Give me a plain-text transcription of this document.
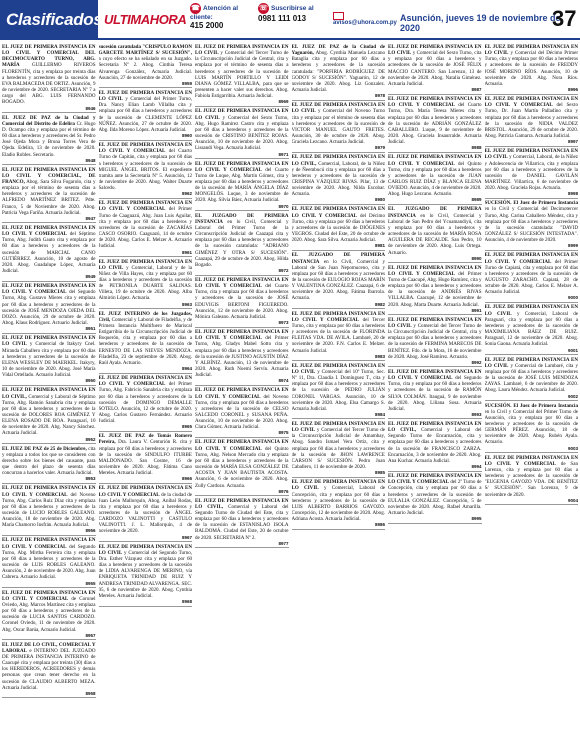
Clasificados ULTIMAHORA
☎ Atención al cliente:
415 2000
☏ Suscribirse al
0981 111 013	avisos@uhora.com.py Asunción, jueves 19 de noviembre de 2020	37
EL JUEZ DE PRIMERA INSTANCIA EN LO CIVIL Y COMERCIAL DEL DECIMOCUARTO TURNO, ABG. MARÍA GUILLERMO RIVEROS FLORENTÍN, cita y emplaza por treinta días a herederos y acreedores de la sucesión de EVA BALMACEDA DE ORTIZ. Asunción, 9 de noviembre de 2020. SECRETARIA Nº 7 a cargo del ABG. LUIS FERNANDO BOGADO.
8946
EL JUEZ DE PAZ de la Ciudad y Comercial del Distrito de Edelira Cr. Hugo D. Ocampo cita y emplaza por el término de 60 días a herederos y acreedores del Sr. Pedro José Ojeda Mora y Bruna Torres Vera de Ojeda. Edelira, 13 de noviembre de 2020. Eladio Robles. Secretario.
8948
EL JUEZ DE PRIMERA INSTANCIA EN LO CIVIL Y COMERCIAL, DE FRANCO, Abog. Sara Silva Fogarolo, cita y emplaza por el término de sesenta días a herederos y acreedores de la sucesión de ALFREDO MARTÍNEZ BRITEZ. Pdte. Franco, 5 de Noviembre de 2020. Abog. Patricia Vega Fariña. Actuaria Judicial.
8947
EL JUEZ DE PRIMERA INSTANCIA EN LO CIVIL Y COMERCIAL del Séptimo Turno, Abg. Judith Gauto cita y emplaza por 60 días a herederos y acreedores de la sucesión de MARCIAL CANO GUTIÉRREZ. Asunción, 10 de agosto de 2020. Abog. Guadalupe López, Actuaria Judicial.
8949
EL JUEZ DE PRIMERA INSTANCIA EN LO CIVIL Y COMERCIAL del Segundo Turno, Abg. Gustavo Mieres cita y emplaza por 60 días a herederos y acreedores de la sucesión de JOSÉ MENDOZA OJEDA DEL DOZO. Asunción, 29 de octubre de 2020. Abog. Klaus Rodríguez. Actuario Judicial.
8951
EL JUEZ DE PRIMERA INSTANCIA EN LO CIVIL y Comercial de Itakyry Cnel. Miranda Caballero cita y emplaza por 60 días a herederos y acreedores de la sucesión de ELENA WESSLEY DE MAERKEL. Itakyry, 10 de noviembre de 2020. Abog. José María Vidal Ortellado. Actuario Judicial.
8950
EL JUEZ DE PRIMERA INSTANCIA EN LO CIVIL, Comercial y Laboral de Séptimo Turno, Abg. Ramón Sanabria cita y emplaza por 60 días a herederos y acreedores de la sucesión de DOLORES ROA GIMÉNEZ Y ELENA ROSADO DE ROA. Paraguarí, 10 de noviembre de 2020. Abg. Nancy Sánchez. Actuaria Judicial.
8952
EL JUEZ DE PAZ de 25 de Diciembre, cita y emplaza a todos los que se consideren con derecho sobre los bienes del causante, para que dentro del plazo de sesenta días concurran a hacerlos valer. Actuaria Judicial.
8953
EL JUEZ DE PRIMERA INSTANCIA EN LO CIVIL Y COMERCIAL del Noveno Turno, Abg. Carlos Ruiz Díaz cita y emplaza por 60 días a herederos y acreedores de la sucesión de LUCIO ROBLES GALEANO. Asunción, 18 de noviembre de 2020. Abg. María Chamorro Insfrán. Actuaria Judicial.
8956
EL JUEZ DE PRIMERA INSTANCIA EN LO CIVIL Y COMERCIAL del Segundo Turno, Abg. Mirtha Ferreira cita y emplaza por 60 días a herederos y acreedores de la sucesión de LUIS ROBLES GALEANO. Asunción, 2 de noviembre de 2020. Abg. Juan Cabrera. Actuario Judicial.
8955
EL JUEZ DE PRIMERA INSTANCIA EN LO CIVIL Y COMERCIAL de Coronel Oviedo, Abg. Marcos Martínez cita y emplaza por 60 días a herederos y acreedores de la sucesión de LUCIA SANTOS CARDOZO. Coronel Oviedo, 11 de noviembre de 2020. Abg. Oscar Barúa, Actuario Judicial.
8957
EL JUEZ DE LO CIVIL, COMERCIAL Y LABORAL e INTERINO DEL JUZGADO DE PRIMERA INSTANCIA INTERINO de Caacupé cita y emplaza por treinta (30) días a los HEREDEROS, ACREEDORES y demás personas que crean tener derecho en la sucesión de CLAUDIO ALBERTO MEZA. Actuaria Judicial.
8958
sucesión caratulada "CRISPULO RAMÓN GARCETE MARTÍNEZ S/ SUCESIÓN", a cuyo efecto se ha señalado en su Juzgado. Secretaría Nº 2. Abog. Cinthia Teresa Alvarenga González, Actuaria Judicial. Asunción, 27 de noviembre de 2020.
8959
EL JUEZ DE PRIMERA INSTANCIA EN LO CIVIL y Comercial del Primer Turno, Dra. Nancy Elian Lamb Villalba cita y emplaza por 60 días a herederos y acreedores de la sucesión de CLEMENTE LÓPEZ NÚÑEZ. Asunción, 27 de octubre de 2020. Abg. Ilda Moreno López. Actuaria Judicial.
8960
EL JUEZ DE PRIMERA INSTANCIA EN LO CIVIL Y COMERCIAL del Cuarto Turno de Capitán, cita y emplaza por 60 días a herederos y acreedores de la sucesión de MIGUEL ÁNGEL BRITOS. El expediente tramita ante la Secretaría Nº 5. Asunción, 12 de noviembre de 2020. Abog. Walter Duarte Salcedo.
8962
EL JUEZ DE PRIMERA INSTANCIA EN LO CIVIL Y COMERCIAL del Primer Turno de Caaguazú, Abg. Juan Luis Aguilar, cita y emplaza por 60 días a herederos y acreedores de la sucesión de ZACARÍAS CASCO OSORIO. Caaguazú, 14 de octubre de 2020. Abog. Carlos E. Melzer A. Actuario Judicial.
8961
EL JUEZ DE PRIMERA INSTANCIA EN LO CIVIL y Comercial, Laboral y de la Niñez de Villa Hayes, cita y emplaza por 60 días a herederos y acreedores de la sucesión de PETRONILA DUARTE SALINAS. Villeta, 19 de octubre de 2020. Abog. Alba Almirón López. Actuaria.
8963
EL JUEZ INTERINO de los Juzgados, Civil, Comercial y Laboral de Filadelfia, y de Primera Instancia Multifuero de Mariscal Estigarribia de la Circunscripción Judicial de Boquerón, cita y emplaza por 60 días a herederos y acreedores de la sucesión de ERNESTO DE LAS NIEVES MENDOZA. Filadelfia, 23 de septiembre de 2020. Abog. Raúl Ayala. Actuario.
8964
EL JUEZ DE PRIMERA INSTANCIA EN LO CIVIL Y COMERCIAL del Primer Turno, Abg. Fabricio Sanabria cita y emplaza por 60 días a herederos y acreedores de la sucesión de DOMINGO DEMALLE SOTELO. Asunción, 12 de octubre de 2020. Abog. Carlos Gustavo Fernández. Actuario Judicial.
8965
EL JUEZ DE PAZ de Tomás Romero Pereira, Dra. Laura V. Centurión R. cita y emplaza por 60 días a herederos y acreedores de la sucesión de SINDULFO ITURBE MALDONADO. San Cosme, 16 de noviembre de 2020. Abog. Fátima Cano Mereles. Actuaria Judicial.
8966
EL JUEZ DE PRIMERA INSTANCIA EN LO CIVIL Y COMERCIAL de la ciudad de Juan León Mallorquín, Abog. Aníbal Rodas, cita y emplaza por 60 días a herederos y acreedores de la sucesión de ÁNGEL CARDOZO VALINOTTI y CASTULO VALINOTTI. J. L. Mallorquín, 4 de noviembre de 2020.
8967
EL JUEZ DE PRIMERA INSTANCIA EN LO CIVIL y Comercial del Segundo Turno, Dra. Esther Vázquez cita y emplaza por 60 días a herederos y acreedores de la sucesión de LIDIA ALVARENGA DE MERINO, vía ENRIQUETA TRINIDAD DE RUIZ Y ANDRESA TRINIDAD ALVARENGA. SEC. 05, 6 de noviembre de 2020. Abog. Cynthia Mereles. Actuaria Judicial.
8968
EL JUEZ DE PRIMERA INSTANCIA EN LO CIVIL y Comercial del Tercer Turno de la Circunscripción Judicial de Central, cita y emplaza por el término de sesenta días a herederos y acreedores de la sucesión de LUIS MARTÍN PORTILLO Y LEIDI DIANA GÓMEZ VILLALBA, para que se presenten a hacer valer sus derechos. Abog. Fabiola Estigarribia. Actuaria Judicial.
8969
EL JUEZ DE PRIMERA INSTANCIA EN LO CIVIL y Comercial del Sexto Turno, Abg. Hugo Ramírez Castro cita y emplaza por 60 días a herederos y acreedores de la sucesión de CRISTINO BENÍTEZ ROJAS. Asunción, 10 de noviembre de 2020. Abog. Lissandi Vega. Actuaria Judicial.
8971
EL JUEZ DE PRIMERA INSTANCIA EN LO CIVIL Y COMERCIAL del Cuarto Turno de Luque, Abg. Martín Gómez, cita y emplaza por 60 días a herederos y acreedores de la sucesión de MARÍA ÁNGELA DÍAZ MONGELÓS. Luque, 3 de noviembre de 2020. Abg. Silvia Báez, Actuaria Judicial.
8970
EL JUZGADO DE PRIMERA INSTANCIA en lo Civil, Comercial y Laboral del Primer Turno de la Circunscripción Judicial de Caazapá cita y emplaza por 60 días a herederos y acreedores de la sucesión caratulada: "ADRIANO GIMÉNEZ Y OTRA S/ SUCESIÓN". Caazapá, 29 de octubre de 2020. Abog. Hilda Bogado.
8972
EL JUEZ DE PRIMERA INSTANCIA EN LO CIVIL Y COMERCIAL del Cuarto Turno, cita y emplaza por 60 días a herederos y acreedores de la sucesión de JOSÉ EDUVIGIS BERTONI FIGUEREDO. Asunción, 12 de noviembre de 2020. Abog. Mónica Galeano. Actuaria Judicial.
8973
EL JUEZ DE PRIMERA INSTANCIA EN LO CIVIL Y COMERCIAL del Primer Turno, Abg. Gladys Mabel Sotto cita y emplaza por 60 días a herederos y acreedores de la sucesión de JUSTINO AGUSTÍN DÍAZ Y ALBÍNIZ. Asunción, 13 de noviembre de 2020. Abog. Ruth Noemí Servín. Actuaria Judicial.
8974
EL JUEZ DE PRIMERA INSTANCIA EN LO CIVIL Y COMERCIAL del Noveno Turno, cita y emplaza por 60 días a herederos y acreedores de la sucesión de CELSO SALCEDO CORONEL y SUSANA PEÑA. Asunción, 10 de noviembre de 2020. Abog. Clara Gómez. Actuaria Judicial.
8975
EL JUEZ DE PRIMERA INSTANCIA EN LO CIVIL Y COMERCIAL del Quinto Turno, Abg. Nelson Mercado cita y emplaza por 60 días a herederos y acreedores de la sucesión de MARÍA ELSA GONZÁLEZ DE ACOSTA Y JUAN BAUTISTA ACOSTA. Asunción, 6 de noviembre de 2020. Abog. Zully Cardozo. Actuaria.
8976
EL JUEZ DE PRIMERA INSTANCIA EN LO CIVIL, Comercial y Laboral del Segundo Turno de Ciudad del Este, cita y emplaza por 60 días a herederos y acreedores de la sucesión de ESTANISLAO ISOLA BALDOMÁ. Ciudad del Este, 20 de octubre de 2020. SECRETARIA Nº 2.
8977
EL JUEZ DE PAZ de la Ciudad de Yaguarón, Abog. Cynthia Manuela Lezcano Bataglia cita y emplaza por 60 días a herederos y acreedores de la sucesión caratulada: "PORFIRIA RODRÍGUEZ DE GODOY S/ SUCESIÓN". Yaguarón, 12 de noviembre de 2020. Abog. Liz Gonzalez. Actuaria Judicial.
8978
EL JUEZ DE PRIMERA INSTANCIA EN LO CIVIL y Comercial del Noveno Turno cita y emplaza por el término de sesenta días a herederos y acreedores de la sucesión de VICTOR MANUEL GAUTO FRETES. Asunción, 30 de octubre de 2020. Abog. Graciela Lezcano. Actuaria Judicial.
8979
EL JUEZ DE PRIMERA INSTANCIA EN LO CIVIL, Comercial, Laboral, de la Niñez y de Ñeembucú cita y emplaza por 60 días a herederos y acreedores de la sucesión de CRISPINA VÁZQUEZ RIVAS. Pilar, 13 de noviembre de 2020. Abog. Nilda Escobar. Actuaria.
8980
EL JUEZ DE PRIMERA INSTANCIA EN LO CIVIL Y COMERCIAL del Décimo Turno, cita y emplaza por 60 días a herederos y acreedores de la sucesión de DIÓGENES YEGROS. Ciudad del Este, 20 de octubre de 2020. Abog. Sara Silva. Actuaria Judicial.
8981
EL JUZGADO DE PRIMERA INSTANCIA en lo Civil, Comercial y Laboral de San Juan Nepomuceno, cita y emplaza por 60 días a herederos y acreedores de la sucesión de EULOGIO ROJAS MARÍN Y VALENTINA GONZÁLEZ. Caazapá, 6 de noviembre de 2020. Abog. Fátima Ibarrola. Actuaria.
8982
EL JUEZ DE PRIMERA INSTANCIA EN LO CIVIL Y COMERCIAL del Tercer Turno, cita y emplaza por 60 días a herederos y acreedores de la sucesión de FLORINDA FLEITAS VDA. DE AVILA. Lambaré, 20 de noviembre de 2020. F.N. Carlos E. Melzer. Actuario Judicial.
8983
EL JUEZ DE PRIMERA INSTANCIA EN LO CIVIL y Comercial del 10º Turno, Sec. Nº 11, Dra. Claudia I. Domínguez T., cita y emplaza por 60 días a herederos y acreedores de la sucesión de PEDRO JULIÁN CORONEL VARGAS. Asunción, 10 de noviembre de 2020. Abog. Elsa Camargo S. Actuaria Judicial.
8984
EL JUEZ DE PRIMERA INSTANCIA EN LO CIVIL y Comercial del Tercer Turno de la Circunscripción Judicial de Amambay, Abog. Sandro Ismael Vera Ortiz, cita y emplaza por 60 días a herederos y acreedores de la sucesión de JHON LAWRENCE CARSON S/ SUCESIÓN. Pedro Juan Caballero, 11 de noviembre de 2020.
8985
EL JUEZ DE PRIMERA INSTANCIA EN LO CIVIL y Comercial, Laboral de Concepción, cita y emplaza por 60 días a herederos y acreedores de la sucesión de LUIS ALBERTO BARRIOS GAYOZO. Concepción, 12 de noviembre de 2020. Abog. Adriana Acosta. Actuaria Judicial.
8986
EL JUEZ DE PRIMERA INSTANCIA EN LO CIVIL y Comercial del Sexto Turno, cita y emplaza por 60 días a herederos y acreedores de la sucesión de JOSÉ FÉLIX MACCIO CANTERO. San Lorenzo, 13 de noviembre de 2020. Abog. Natalia Giménez. Actuaria Judicial.
8987
EL JUEZ DE PRIMERA INSTANCIA EN LO CIVIL Y COMERCIAL del Cuarto Turno, Dra. María Teresa Mieres cita y emplaza por 60 días a herederos y acreedores de la sucesión de ADRIÁN GONZÁLEZ CABALLERO. Luque, 9 de noviembre de 2020. Abog. Graciela Insaurralde. Actuaria Judicial.
8988
EL JUEZ DE PRIMERA INSTANCIA EN LO CIVIL Y COMERCIAL del Quinto Turno, cita y emplaza por 60 días a herederos y acreedores de la sucesión de JUAN CARLOS RUIZ DÍAZ y BLANCA ELENA OVIEDO. Asunción, 4 de noviembre de 2020. Abog. Hugo Lezcano. Actuario.
8989
EL JUZGADO DE PRIMERA INSTANCIA en lo Civil, Comercial y Laboral de San Pedro del Ycuamandiyú, cita y emplaza por 60 días a herederos y acreedores de la sucesión de MARÍA ROSA AGUILERA DE RECALDE. San Pedro, 10 de noviembre de 2020. Abog. Luis Ortega. Actuario.
8990
EL JUEZ DE PRIMERA INSTANCIA EN LO CIVIL Y COMERCIAL del Primer Turno de Caacupé, Abg. Hugo Ramírez, cita y emplaza por 60 días a herederos y acreedores de la sucesión de ANDRÉS RIVAS VILLALBA. Caacupé, 12 de noviembre de 2020. Abog. Marta Duarte. Actuaria Judicial.
8991
EL JUEZ DE PRIMERA INSTANCIA EN LO CIVIL y Comercial del Tercer Turno de la Circunscripción Judicial de Central, cita y emplaza por 60 días a herederos y acreedores de la sucesión de FERMINA MARECOS DE BENÍTEZ. Fdo. de la Mora, 16 de noviembre de 2020. Abog. José Ramírez. Actuario.
8992
EL JUEZ DE PRIMERA INSTANCIA EN LO CIVIL Y COMERCIAL del Segundo Turno, cita y emplaza por 60 días a herederos y acreedores de la sucesión de RAMÓN SILVA COLMÁN. Itauguá, 9 de noviembre de 2020. Abog. Liliana Sosa. Actuaria Judicial.
8993
EL JUEZ DE PRIMERA INSTANCIA EN LO CIVIL, Comercial y Laboral del Segundo Turno de Encarnación, cita y emplaza por 60 días a herederos y acreedores de la sucesión de FRANCISCO ZARZA. Encarnación, 3 de noviembre de 2020. Abog. Ana Kuchar. Actuaria Judicial.
8994
EL JUEZ DE PRIMERA INSTANCIA EN LO CIVIL Y COMERCIAL del 2º Turno de Concepción, cita y emplaza por 60 días a herederos y acreedores de la sucesión de EULALIA GONZÁLEZ. Concepción, 5 de noviembre de 2020. Abog. Rafael Amarilla. Actuario Judicial.
8995
EL JUEZ DE PRIMERA INSTANCIA EN LO CIVIL y Comercial del Décimo Primer Turno, cita y emplaza por 60 días a herederos y acreedores de la sucesión de FREDDY JOSÉ MORENO RÍOS. Asunción, 10 de noviembre de 2020. Abg. Nora Ríos. Actuaria.
8996
EL JUEZ DE PRIMERA INSTANCIA EN LO CIVIL Y COMERCIAL del Sexto Turno, Dr. Juan Martín Palladino cita y emplaza por 60 días a herederos y acreedores de la sucesión de NIDIA VALDEZ BRISTOL. Asunción, 29 de octubre de 2020. Abog. Patricia Gamarra. Actuaria Judicial.
8997
EL JUEZ DE PRIMERA INSTANCIA EN LO CIVIL y Comercial, Laboral, de la Niñez y Adolescencia de Villarrica, cita y emplaza por 60 días a herederos y acreedores de la sucesión de DANIEL GAVILÁN MARTÍNEZ. Villarrica, 6 de noviembre de 2020. Abog. Graciela Rojas. Actuaria.
8998
SUCESIÓN. El Juez de Primera Instancia en lo Civil y Comercial del Decimotercer Turno, Abg. Carina Caballero Méndez, cita y emplaza por 60 días a herederos y acreedores de la sucesión caratulada: "DAVID GONZÁLEZ S/ SUCESIÓN INTESTADA". Asunción, 4 de noviembre de 2020.
8999
EL JUEZ DE PRIMERA INSTANCIA EN LO CIVIL Y COMERCIAL del Primer Turno de Capiatá, cita y emplaza por 60 días a herederos y acreedores de la sucesión de AUGUSTO ZARACHO. Capiatá, 28 de octubre de 2020. Abog. Carlos E. Melzer A. Actuario Judicial.
9000
EL JUEZ DE PRIMERA INSTANCIA EN LO CIVIL y Comercial, Laboral de Paraguarí, cita y emplaza por 60 días a herederos y acreedores de la sucesión de MAXIMILIANA BÁEZ DE RUIZ. Paraguarí, 12 de noviembre de 2020. Abog. Sonia Gaona. Actuaria Judicial.
9001
EL JUEZ DE PRIMERA INSTANCIA EN LO CIVIL y Comercial de Lambaré, cita y emplaza por 60 días a herederos y acreedores de la sucesión de JOSÉ LUIS MENDOZA ZAYAS. Lambaré, 6 de noviembre de 2020. Abog. Laura Méndez. Actuaria Judicial.
9002
SUCESIÓN. El Juez de Primera Instancia en lo Civil y Comercial del Primer Turno de Asunción, cita y emplaza por 60 días a herederos y acreedores de la sucesión de GERMÁN PÉREZ. Asunción, 18 de noviembre de 2020. Abog. Rubén Ayala. Actuario.
9003
EL JUEZ DE PRIMERA INSTANCIA EN LO CIVIL Y COMERCIAL de San Lorenzo, cita y emplaza por 60 días a herederos y acreedores de la sucesión de "EUGENIA GAYOZO VDA. DE BENÍTEZ S/ SUCESIÓN". San Lorenzo, 9 de noviembre de 2020.
9004
